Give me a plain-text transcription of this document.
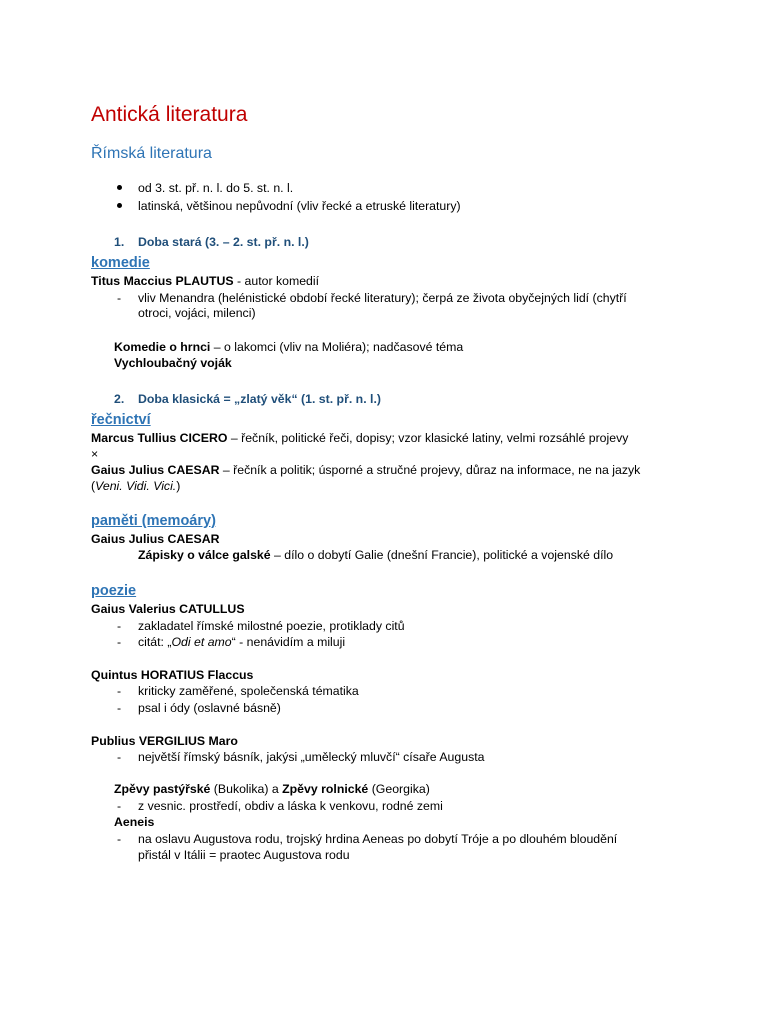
Antická literatura
Římská literatura
od 3. st. př. n. l. do 5. st. n. l.
latinská, většinou nepůvodní (vliv řecké a etruské literatury)
1. Doba stará (3. – 2. st. př. n. l.)
komedie
Titus Maccius PLAUTUS - autor komedií
- vliv Menandra (helénistické období řecké literatury); čerpá ze života obyčejných lidí (chytří
otroci, vojáci, milenci)
Komedie o hrnci – o lakomci (vliv na Moliéra); nadčasové téma
Vychloubačný voják
2. Doba klasická = „zlatý věk“ (1. st. př. n. l.)
řečnictví
Marcus Tullius CICERO – řečník, politické řeči, dopisy; vzor klasické latiny, velmi rozsáhlé projevy
×
Gaius Julius CAESAR – řečník a politik; úsporné a stručné projevy, důraz na informace, ne na jazyk
(Veni. Vidi. Vici.)
paměti (memoáry)
Gaius Julius CAESAR
Zápisky o válce galské – dílo o dobytí Galie (dnešní Francie), politické a vojenské dílo
poezie
Gaius Valerius CATULLUS
- zakladatel římské milostné poezie, protiklady citů
- citát: „Odi et amo“ - nenávidím a miluji
Quintus HORATIUS Flaccus
- kriticky zaměřené, společenská tématika
- psal i ódy (oslavné básně)
Publius VERGILIUS Maro
- největší římský básník, jakýsi „umělecký mluvčí“ císaře Augusta
Zpěvy pastýřské (Bukolika) a Zpěvy rolnické (Georgika)
- z vesnic. prostředí, obdiv a láska k venkovu, rodné zemi
Aeneis
- na oslavu Augustova rodu, trojský hrdina Aeneas po dobytí Tróje a po dlouhém bloudění
přistál v Itálii = praotec Augustova rodu
